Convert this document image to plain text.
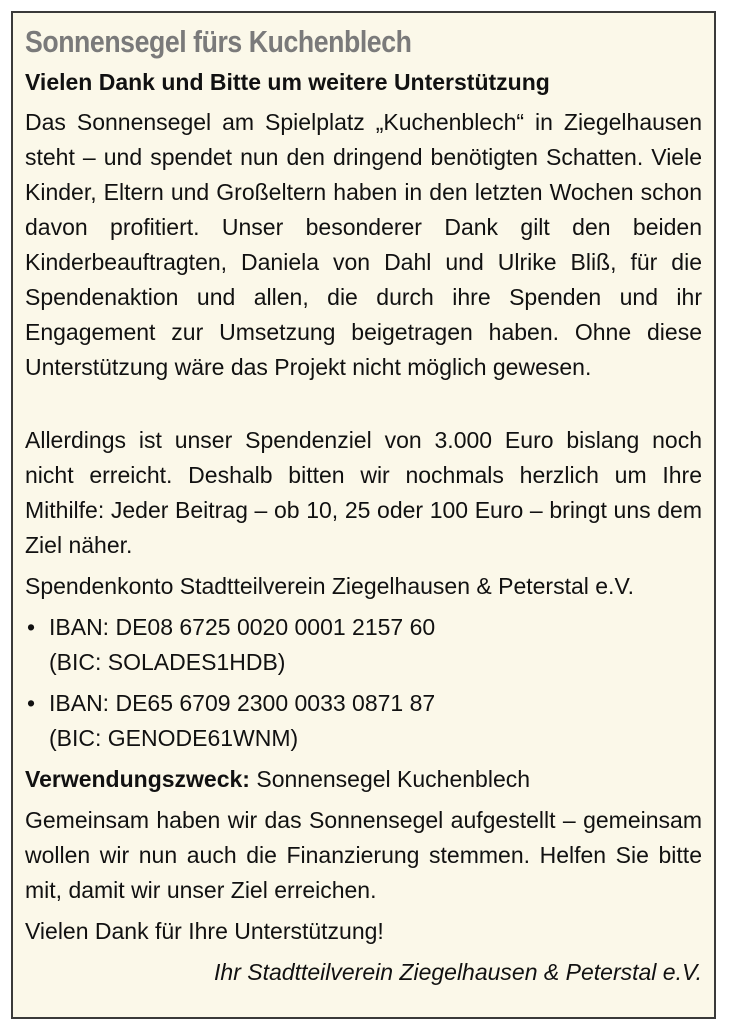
Sonnensegel fürs Kuchenblech
Vielen Dank und Bitte um weitere Unterstützung

Das Sonnensegel am Spielplatz „Kuchenblech“ in Ziegelhausen steht – und spendet nun den dringend benötigten Schatten. Viele Kinder, Eltern und Großeltern haben in den letzten Wochen schon davon profitiert. Unser besonderer Dank gilt den beiden Kinderbeauftragten, Daniela von Dahl und Ulrike Bliß, für die Spendenaktion und allen, die durch ihre Spenden und ihr Engagement zur Umsetzung beigetragen haben. Ohne diese Unterstützung wäre das Projekt nicht möglich gewesen.

Allerdings ist unser Spendenziel von 3.000 Euro bislang noch nicht erreicht. Deshalb bitten wir nochmals herzlich um Ihre Mithilfe: Jeder Beitrag – ob 10, 25 oder 100 Euro – bringt uns dem Ziel näher.

Spendenkonto Stadtteilverein Ziegelhausen & Peterstal e.V.

• IBAN: DE08 6725 0020 0001 2157 60
(BIC: SOLADES1HDB)
• IBAN: DE65 6709 2300 0033 0871 87
(BIC: GENODE61WNM)

Verwendungszweck: Sonnensegel Kuchenblech

Gemeinsam haben wir das Sonnensegel aufgestellt – gemeinsam wollen wir nun auch die Finanzierung stemmen. Helfen Sie bitte mit, damit wir unser Ziel erreichen.

Vielen Dank für Ihre Unterstützung!

Ihr Stadtteilverein Ziegelhausen & Peterstal e.V.
